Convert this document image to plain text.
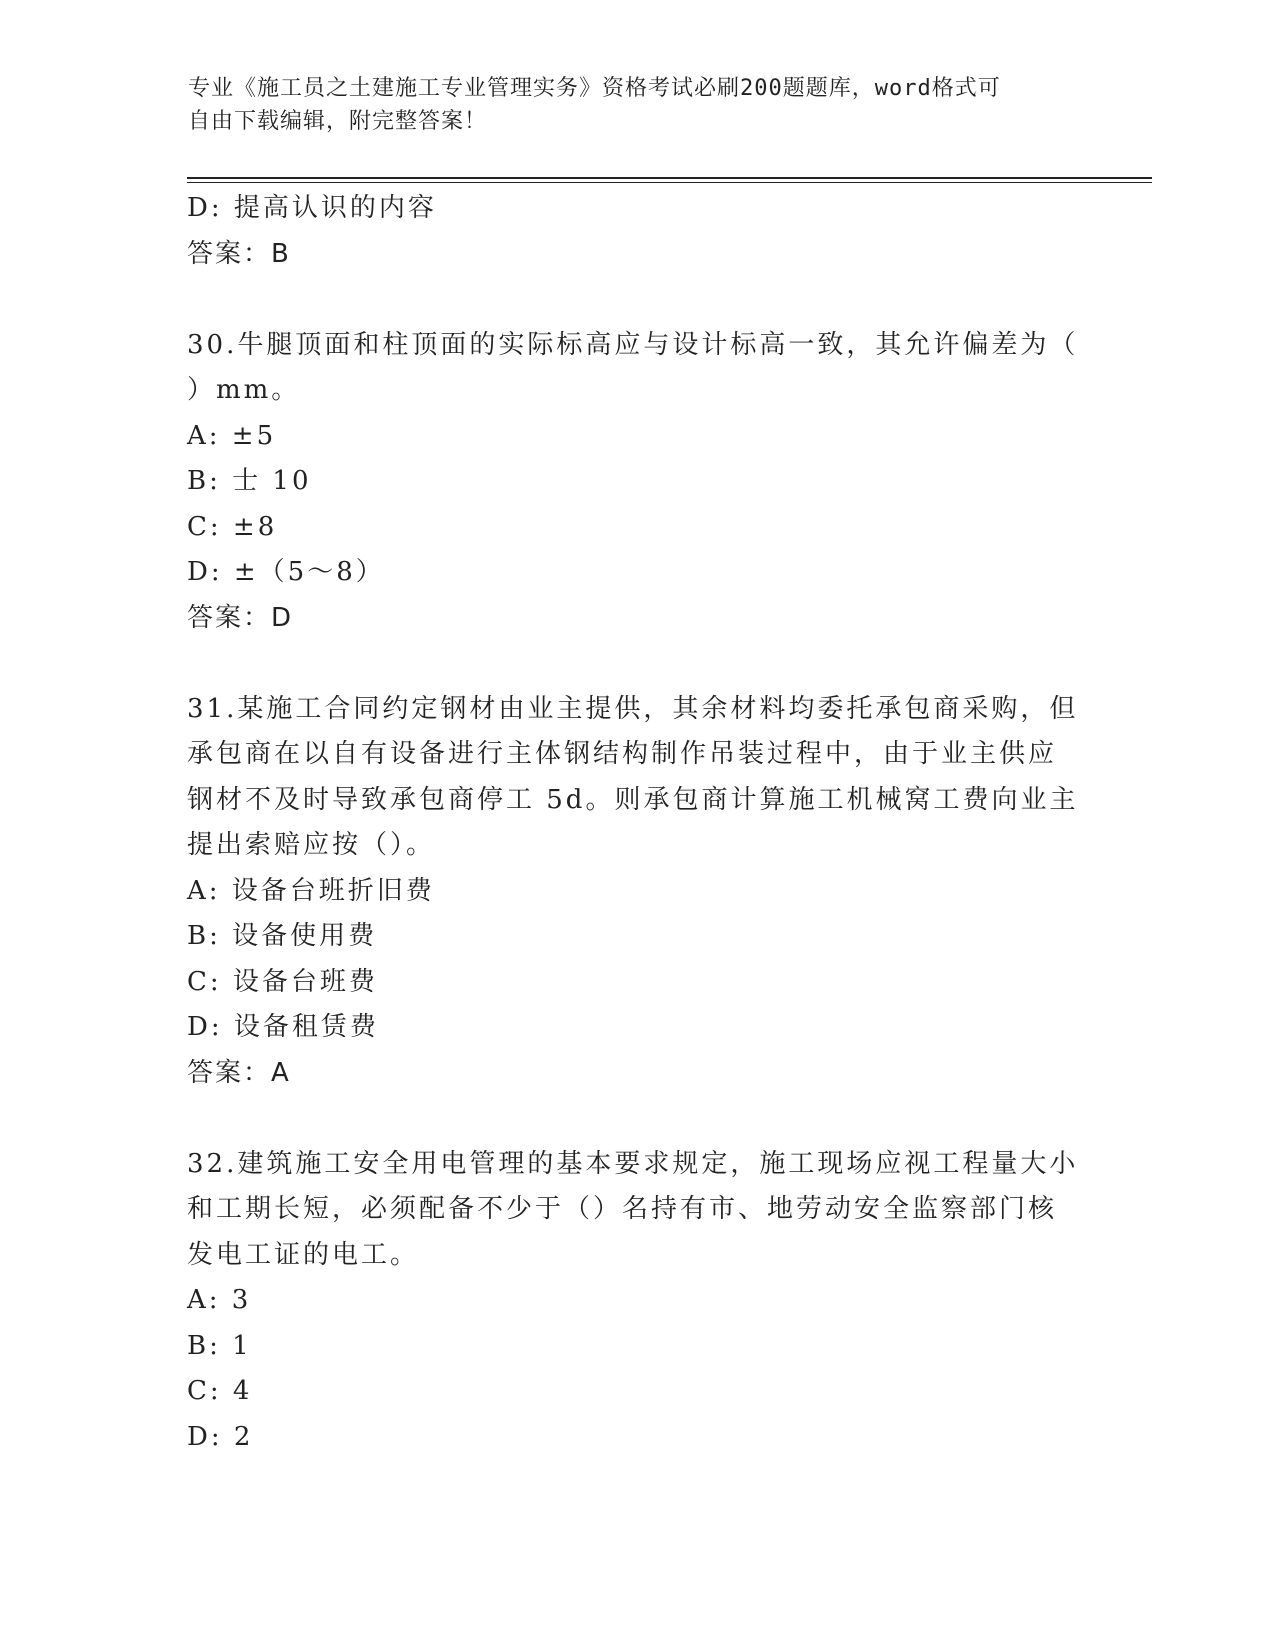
专业《施工员之土建施工专业管理实务》资格考试必刷200题题库，word格式可
自由下载编辑，附完整答案！
D: 提高认识的内容
答案：B
30.牛腿顶面和柱顶面的实际标高应与设计标高一致，其允许偏差为（
）mm。
A: ±5
B: 士 10
C: ±8
D: ±（5～8）
答案：D
31.某施工合同约定钢材由业主提供，其余材料均委托承包商采购，但
承包商在以自有设备进行主体钢结构制作吊装过程中，由于业主供应
钢材不及时导致承包商停工 5d。则承包商计算施工机械窝工费向业主
提出索赔应按（）。
A: 设备台班折旧费
B: 设备使用费
C: 设备台班费
D: 设备租赁费
答案：A
32.建筑施工安全用电管理的基本要求规定，施工现场应视工程量大小
和工期长短，必须配备不少于（）名持有市、地劳动安全监察部门核
发电工证的电工。
A: 3
B: 1
C: 4
D: 2
